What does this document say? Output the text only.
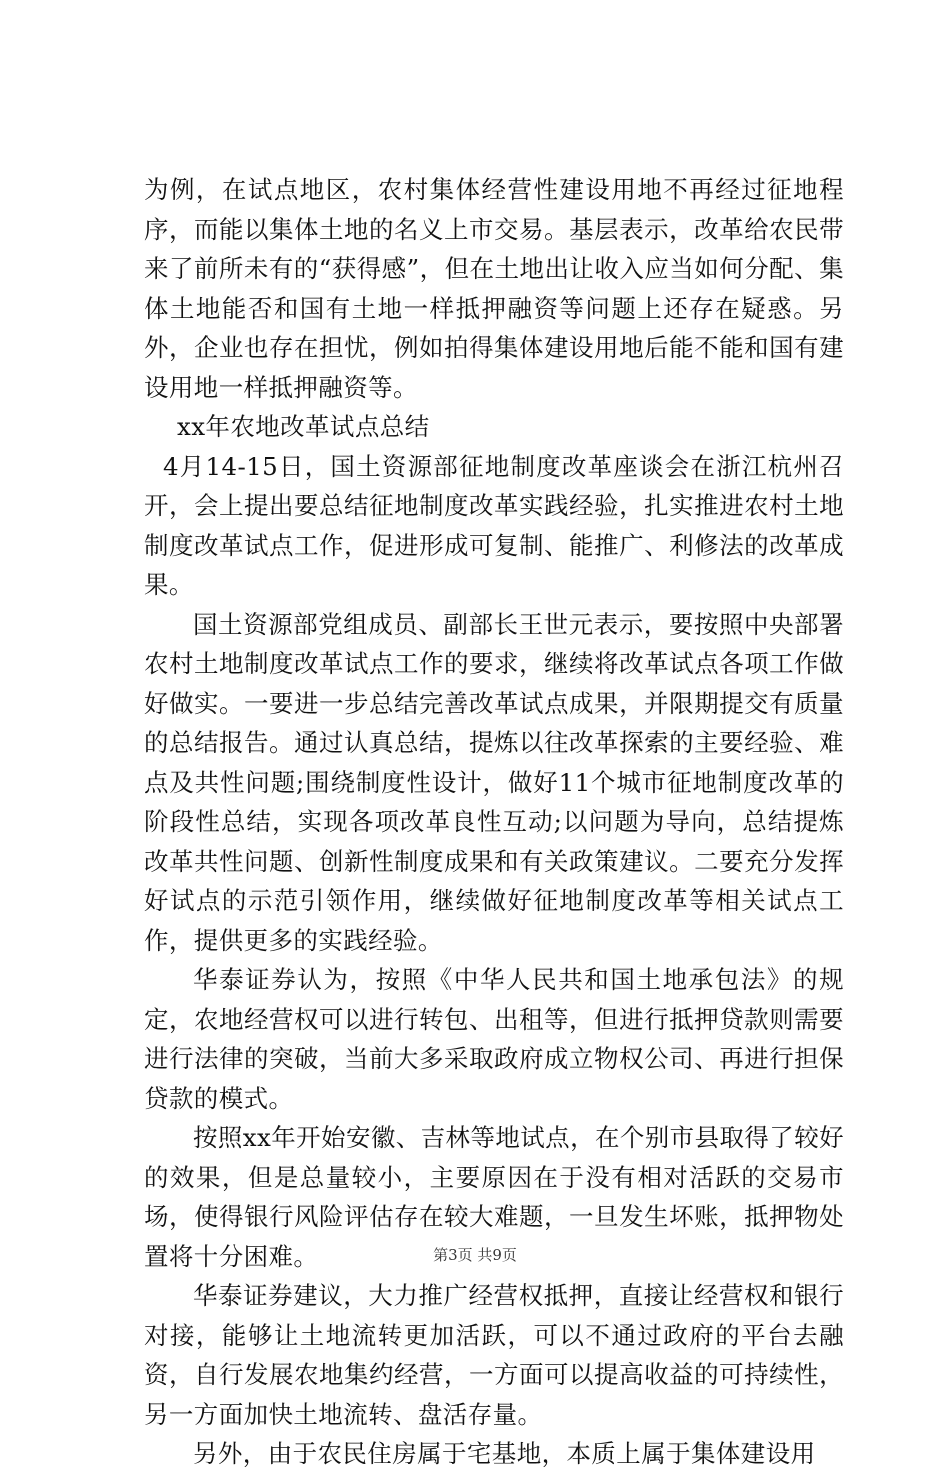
为例，在试点地区，农村集体经营性建设用地不再经过征地程序，而能以集体土地的名义上市交易。基层表示，改革给农民带来了前所未有的“获得感”，但在土地出让收入应当如何分配、集体土地能否和国有土地一样抵押融资等问题上还存在疑惑。另外，企业也存在担忧，例如拍得集体建设用地后能不能和国有建设用地一样抵押融资等。

xx年农地改革试点总结

4月14-15日，国土资源部征地制度改革座谈会在浙江杭州召开，会上提出要总结征地制度改革实践经验，扎实推进农村土地制度改革试点工作，促进形成可复制、能推广、利修法的改革成果。

国土资源部党组成员、副部长王世元表示，要按照中央部署农村土地制度改革试点工作的要求，继续将改革试点各项工作做好做实。一要进一步总结完善改革试点成果，并限期提交有质量的总结报告。通过认真总结，提炼以往改革探索的主要经验、难点及共性问题;围绕制度性设计，做好11个城市征地制度改革的阶段性总结，实现各项改革良性互动;以问题为导向，总结提炼改革共性问题、创新性制度成果和有关政策建议。二要充分发挥好试点的示范引领作用，继续做好征地制度改革等相关试点工作，提供更多的实践经验。

华泰证券认为，按照《中华人民共和国土地承包法》的规定，农地经营权可以进行转包、出租等，但进行抵押贷款则需要进行法律的突破，当前大多采取政府成立物权公司、再进行担保贷款的模式。

按照xx年开始安徽、吉林等地试点，在个别市县取得了较好的效果，但是总量较小，主要原因在于没有相对活跃的交易市场，使得银行风险评估存在较大难题，一旦发生坏账，抵押物处置将十分困难。

华泰证券建议，大力推广经营权抵押，直接让经营权和银行对接，能够让土地流转更加活跃，可以不通过政府的平台去融资，自行发展农地集约经营，一方面可以提高收益的可持续性，另一方面加快土地流转、盘活存量。

另外，由于农民住房属于宅基地，本质上属于集体建设用

第3页 共9页
